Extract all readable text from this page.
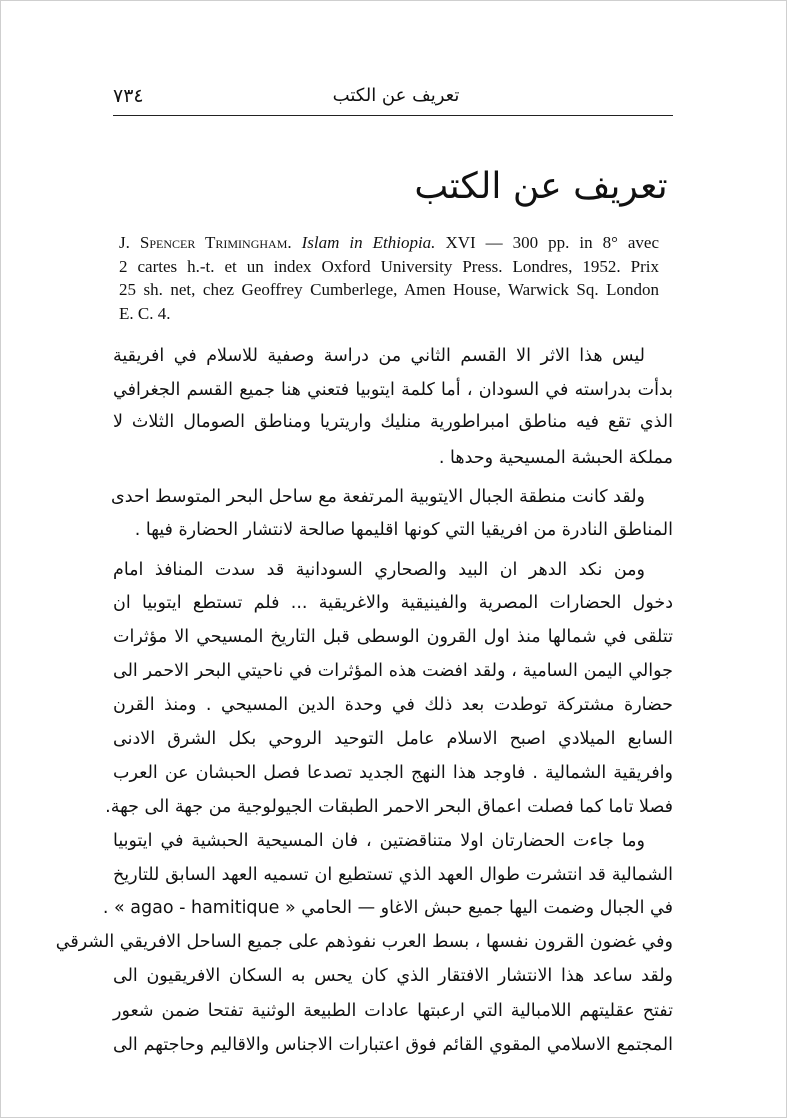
٧٣٤	تعريف عن الكتب
تعريف عن الكتب
J. Spencer Trimingham. Islam in Ethiopia. XVI — 300 pp. in 8° avec
2 cartes h.-t. et un index Oxford University Press. Londres, 1952. Prix
25 sh. net, chez Geoffrey Cumberlege, Amen House, Warwick Sq. London
E. C. 4.
ليس هذا الاثر الا القسم الثاني من دراسة وصفية للاسلام في افريقية
بدأت بدراسته في السودان ، أما كلمة ايتوبيا فتعني هنا جميع القسم الجغرافي
الذي تقع فيه مناطق امبراطورية منليك واريتريا ومناطق الصومال الثلاث لا
مملكة الحبشة المسيحية وحدها .
ولقد كانت منطقة الجبال الايتوبية المرتفعة مع ساحل البحر المتوسط احدى
المناطق النادرة من افريقيا التي كونها اقليمها صالحة لانتشار الحضارة فيها .
ومن نكد الدهر ان البيد والصحاري السودانية قد سدت المنافذ امام
دخول الحضارات المصرية والفينيقية والاغريقية ... فلم تستطع ايتوبيا ان
تتلقى في شمالها منذ اول القرون الوسطى قبل التاريخ المسيحي الا مؤثرات
جوالي اليمن السامية ، ولقد افضت هذه المؤثرات في ناحيتي البحر الاحمر الى
حضارة مشتركة توطدت بعد ذلك في وحدة الدين المسيحي . ومنذ القرن
السابع الميلادي اصبح الاسلام عامل التوحيد الروحي بكل الشرق الادنى
وافريقية الشمالية . فاوجد هذا النهج الجديد تصدعا فصل الحبشان عن العرب
فصلا تاما كما فصلت اعماق البحر الاحمر الطبقات الجيولوجية من جهة الى جهة.
وما جاءت الحضارتان اولا متناقضتين ، فان المسيحية الحبشية في ايتوبيا
الشمالية قد انتشرت طوال العهد الذي تستطيع ان تسميه العهد السابق للتاريخ
في الجبال وضمت اليها جميع حبش الاغاو — الحامي « agao - hamitique » .
وفي غضون القرون نفسها ، بسط العرب نفوذهم على جميع الساحل الافريقي الشرقي
ولقد ساعد هذا الانتشار الافتقار الذي كان يحس به السكان الافريقيون الى
تفتح عقليتهم اللامبالية التي ارعبتها عادات الطبيعة الوثنية تفتحا ضمن شعور
المجتمع الاسلامي المقوي القائم فوق اعتبارات الاجناس والاقاليم وحاجتهم الى
